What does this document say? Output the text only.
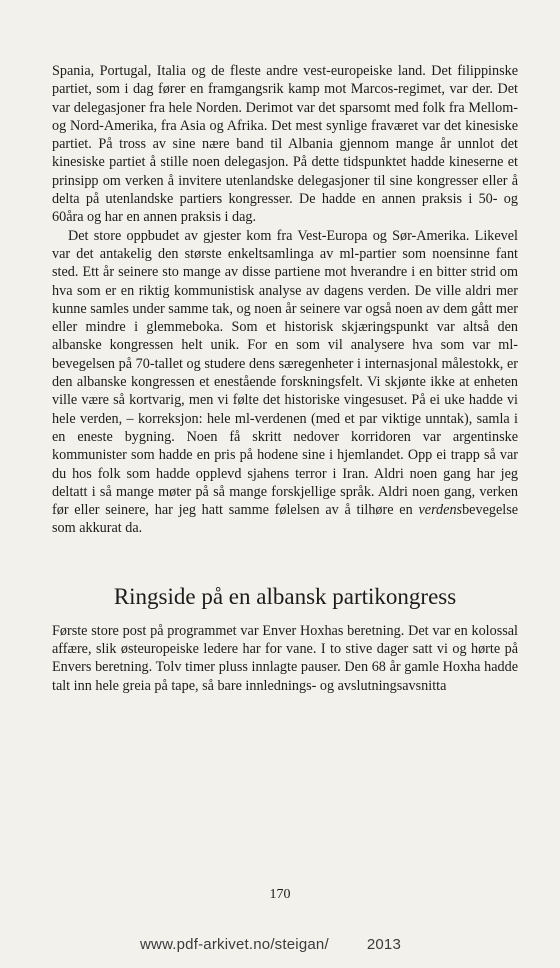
Spania, Portugal, Italia og de fleste andre vest-europeiske land. Det filippinske partiet, som i dag fører en framgangsrik kamp mot Marcos-regimet, var der. Det var delegasjoner fra hele Norden. Derimot var det sparsomt med folk fra Mellom- og Nord-Amerika, fra Asia og Afrika. Det mest synlige fraværet var det kinesiske partiet. På tross av sine nære band til Albania gjennom mange år unnlot det kinesiske partiet å stille noen delegasjon. På dette tidspunktet hadde kineserne et prinsipp om verken å invitere utenlandske delegasjoner til sine kongresser eller å delta på utenlandske partiers kongresser. De hadde en annen praksis i 50- og 60åra og har en annen praksis i dag.

Det store oppbudet av gjester kom fra Vest-Europa og Sør-Amerika. Likevel var det antakelig den største enkeltsamlinga av ml-partier som noensinne fant sted. Ett år seinere sto mange av disse partiene mot hverandre i en bitter strid om hva som er en riktig kommunistisk analyse av dagens verden. De ville aldri mer kunne samles under samme tak, og noen år seinere var også noen av dem gått mer eller mindre i glemmeboka. Som et historisk skjæringspunkt var altså den albanske kongressen helt unik. For en som vil analysere hva som var ml-bevegelsen på 70-tallet og studere dens særegenheter i internasjonal målestokk, er den albanske kongressen et enestående forskningsfelt. Vi skjønte ikke at enheten ville være så kortvarig, men vi følte det historiske vingesuset. På ei uke hadde vi hele verden, – korreksjon: hele ml-verdenen (med et par viktige unntak), samla i en eneste bygning. Noen få skritt nedover korridoren var argentinske kommunister som hadde en pris på hodene sine i hjemlandet. Opp ei trapp så var du hos folk som hadde opplevd sjahens terror i Iran. Aldri noen gang har jeg deltatt i så mange møter på så mange forskjellige språk. Aldri noen gang, verken før eller seinere, har jeg hatt samme følelsen av å tilhøre en verdensbevegelse som akkurat da.

Ringside på en albansk partikongress

Første store post på programmet var Enver Hoxhas beretning. Det var en kolossal affære, slik østeuropeiske ledere har for vane. I to stive dager satt vi og hørte på Envers beretning. Tolv timer pluss innlagte pauser. Den 68 år gamle Hoxha hadde talt inn hele greia på tape, så bare innlednings- og avslutningsavsnitta

170
www.pdf-arkivet.no/steigan/	2013
